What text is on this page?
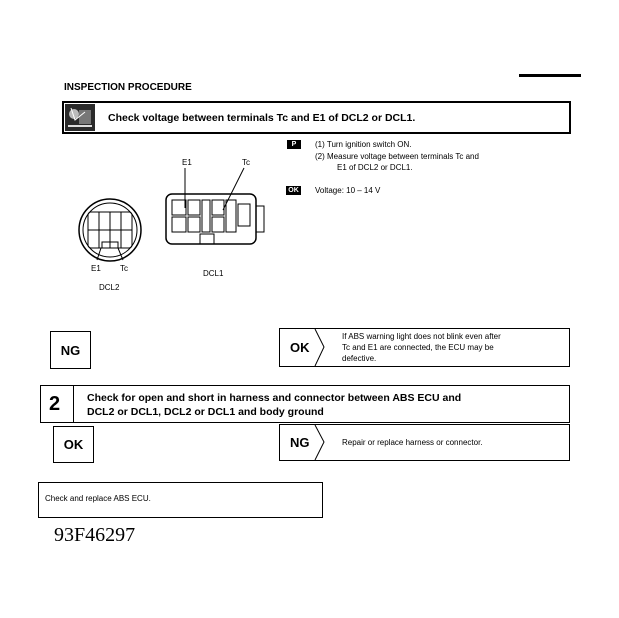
INSPECTION PROCEDURE
Check voltage between terminals Tc and E1 of DCL2 or DCL1.
P	(1) Turn ignition switch ON.
(2) Measure voltage between terminals Tc and
E1 of DCL2 or DCL1.
OK Voltage: 10 – 14 V
E1	Tc
E1 Tc
DCL1
DCL2
NG	OK
If ABS warning light does not blink even after
Tc and E1 are connected, the ECU may be
defective.
2	Check for open and short in harness and connector between ABS ECU and
DCL2 or DCL1, DCL2 or DCL1 and body ground
OK	NG	Repair or replace harness or connector.
Check and replace ABS ECU.
93F46297
